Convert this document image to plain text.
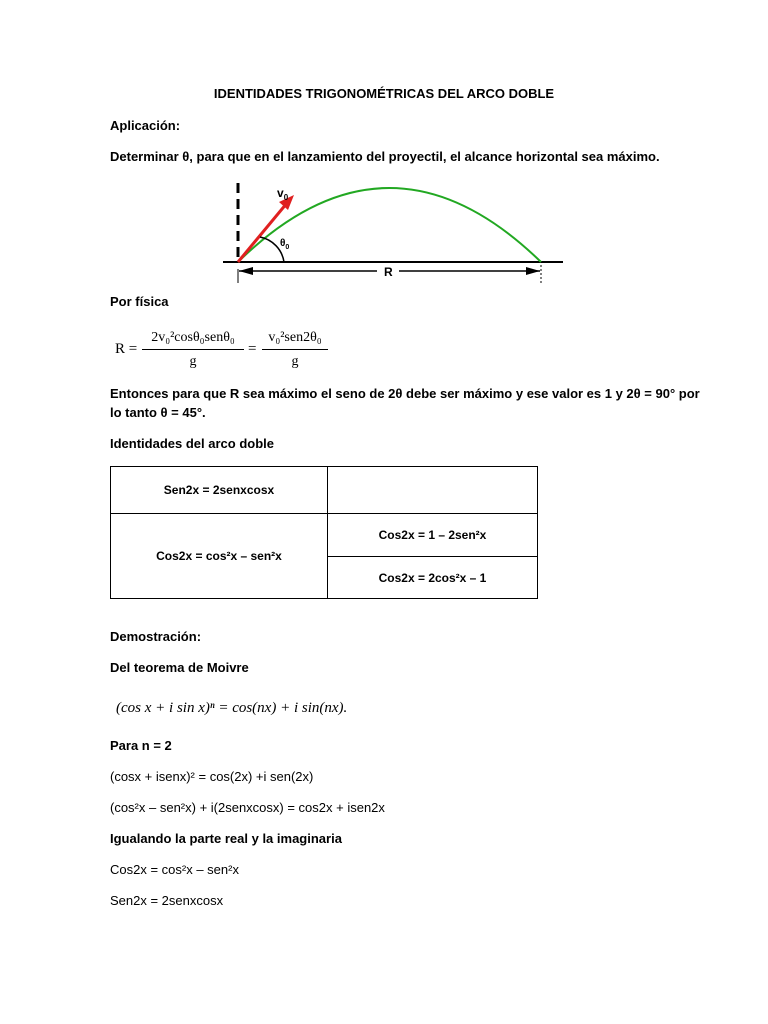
IDENTIDADES TRIGONOMÉTRICAS DEL ARCO DOBLE
Aplicación:
Determinar θ, para que en el lanzamiento del proyectil, el alcance horizontal sea máximo.
$v_0$
$\theta_0$
R
Por física
R =
2v₀²cosθ₀senθ₀
g
=
v₀²sen2θ₀
g
Entonces para que R sea máximo el seno de 2θ debe ser máximo y ese valor es 1 y 2θ = 90° por
lo tanto θ = 45°.
Identidades del arco doble
Sen2x = 2senxcosx
Cos2x = cos²x – sen²x
Cos2x = 1 – 2sen²x
Cos2x = 2cos²x – 1
Demostración:
Del teorema de Moivre
(cos x + i sin x)ⁿ = cos(nx) + i sin(nx).
Para n = 2
(cosx + isenx)² = cos(2x) +i sen(2x)
(cos²x – sen²x) + i(2senxcosx) = cos2x + isen2x
Igualando la parte real y la imaginaria
Cos2x = cos²x – sen²x
Sen2x = 2senxcosx
